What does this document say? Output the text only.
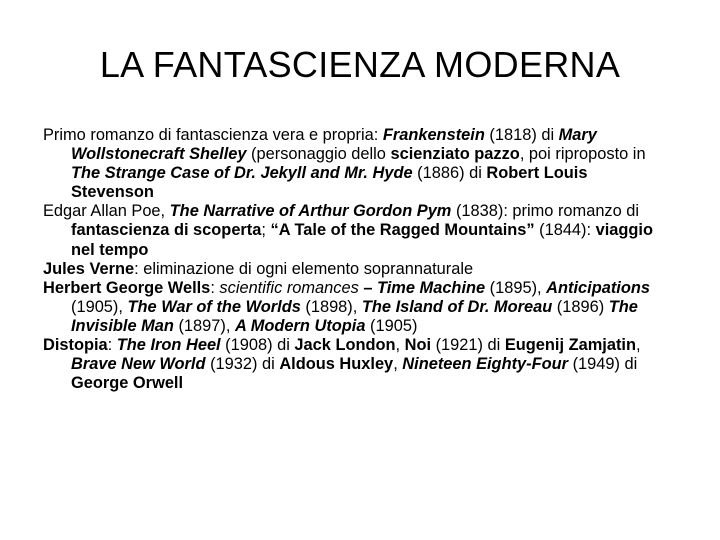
LA FANTASCIENZA MODERNA

Primo romanzo di fantascienza vera e propria: Frankenstein (1818) di Mary Wollstonecraft Shelley (personaggio dello scienziato pazzo, poi riproposto in The Strange Case of Dr. Jekyll and Mr. Hyde (1886) di Robert Louis Stevenson

Edgar Allan Poe, The Narrative of Arthur Gordon Pym (1838): primo romanzo di fantascienza di scoperta; “A Tale of the Ragged Mountains” (1844): viaggio nel tempo

Jules Verne: eliminazione di ogni elemento soprannaturale

Herbert George Wells: scientific romances – Time Machine (1895), Anticipations (1905), The War of the Worlds (1898), The Island of Dr. Moreau (1896) The Invisible Man (1897), A Modern Utopia (1905)

Distopia: The Iron Heel (1908) di Jack London, Noi (1921) di Eugenij Zamjatin, Brave New World (1932) di Aldous Huxley, Nineteen Eighty-Four (1949) di George Orwell
